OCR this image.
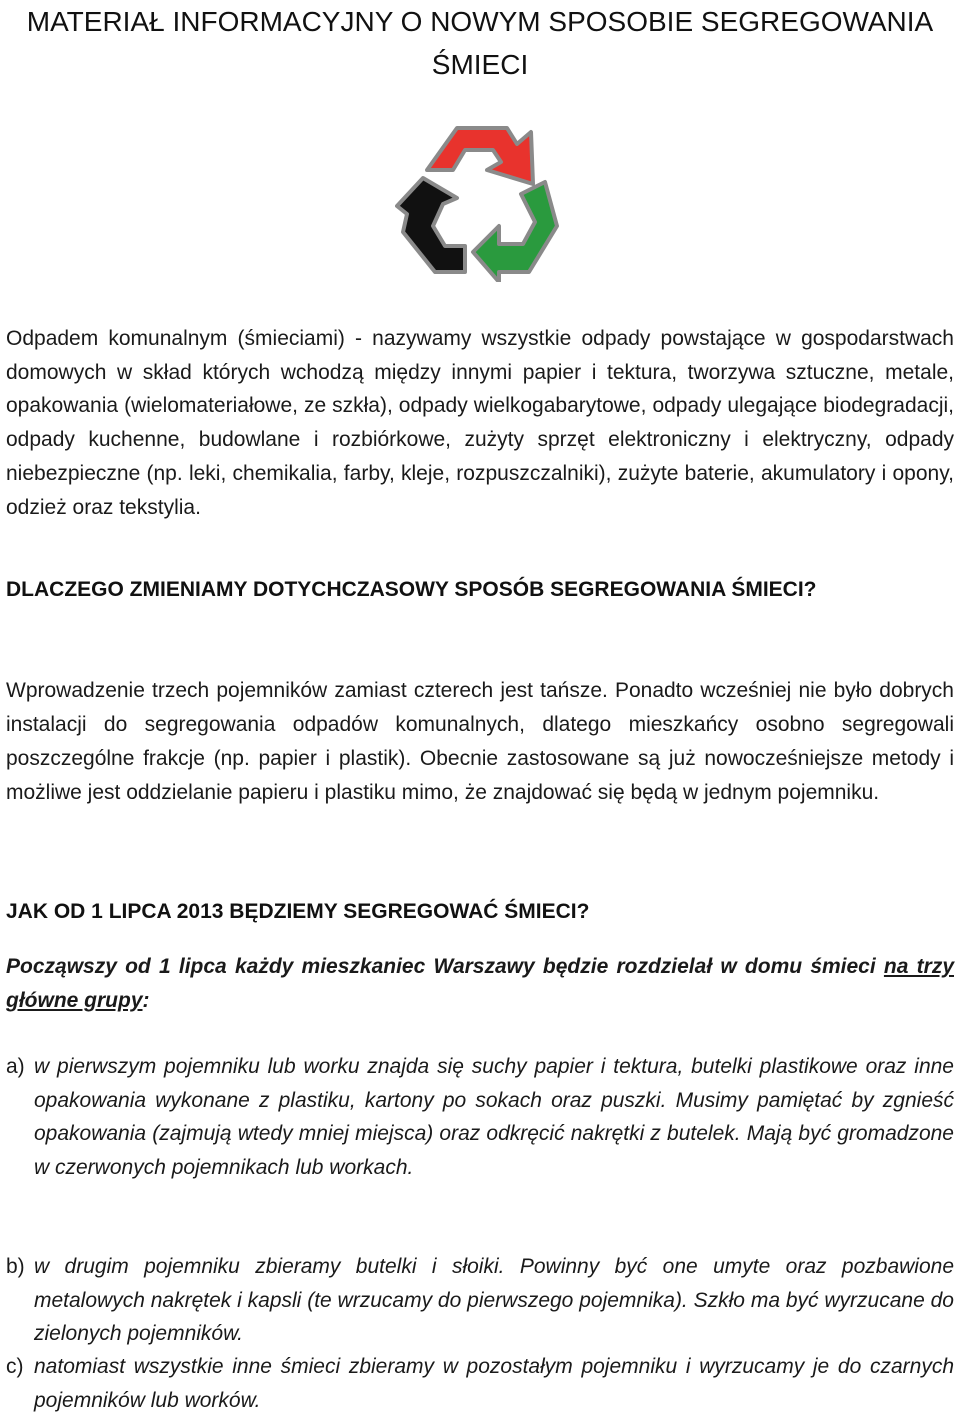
MATERIAŁ INFORMACYJNY O NOWYM SPOSOBIE SEGREGOWANIA ŚMIECI

Odpadem komunalnym (śmieciami) - nazywamy wszystkie odpady powstające w gospodarstwach domowych w skład których wchodzą między innymi papier i tektura, tworzywa sztuczne, metale, opakowania (wielomateriałowe, ze szkła), odpady wielkogabarytowe, odpady ulegające biodegradacji, odpady kuchenne, budowlane i rozbiórkowe, zużyty sprzęt elektroniczny i elektryczny, odpady niebezpieczne (np. leki, chemikalia, farby, kleje, rozpuszczalniki), zużyte baterie, akumulatory i opony, odzież oraz tekstylia.

DLACZEGO ZMIENIAMY DOTYCHCZASOWY SPOSÓB SEGREGOWANIA ŚMIECI?

Wprowadzenie trzech pojemników zamiast czterech jest tańsze. Ponadto wcześniej nie było dobrych instalacji do segregowania odpadów komunalnych, dlatego mieszkańcy osobno segregowali poszczególne frakcje (np. papier i plastik). Obecnie zastosowane są już nowocześniejsze metody i możliwe jest oddzielanie papieru i plastiku mimo, że znajdować się będą w jednym pojemniku.

JAK OD 1 LIPCA 2013 BĘDZIEMY SEGREGOWAĆ ŚMIECI?

Począwszy od 1 lipca każdy mieszkaniec Warszawy będzie rozdzielał w domu śmieci na trzy główne grupy:

a) w pierwszym pojemniku lub worku znajda się suchy papier i tektura, butelki plastikowe oraz inne opakowania wykonane z plastiku, kartony po sokach oraz puszki. Musimy pamiętać by zgnieść opakowania (zajmują wtedy mniej miejsca) oraz odkręcić nakrętki z butelek. Mają być gromadzone w czerwonych pojemnikach lub workach.
b) w drugim pojemniku zbieramy butelki i słoiki. Powinny być one umyte oraz pozbawione metalowych nakrętek i kapsli (te wrzucamy do pierwszego pojemnika). Szkło ma być wyrzucane do zielonych pojemników.
c) natomiast wszystkie inne śmieci zbieramy w pozostałym pojemniku i wyrzucamy je do czarnych pojemników lub worków.
